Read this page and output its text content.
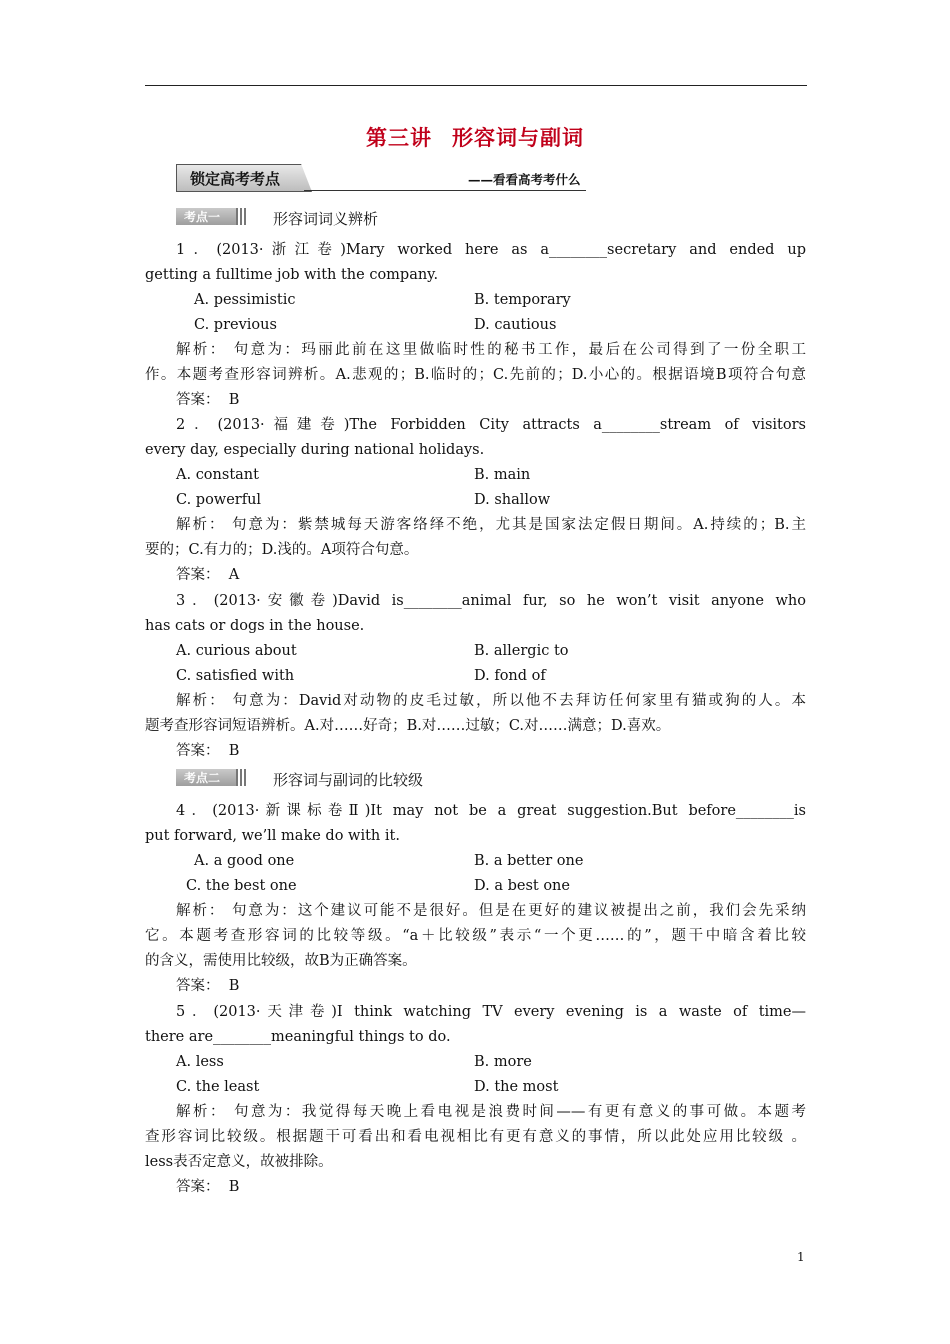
第三讲 形容词与副词
锁定高考考点	——看看高考考什么
考点一	形容词词义辨析
1．(2013·浙江卷)Mary worked here as a________secretary and ended up
getting a fulltime job with the company.
A. pessimistic	B. temporary
C. previous	D. cautious
解析： 句意为：玛丽此前在这里做临时性的秘书工作，最后在公司得到了一份全职工
作。本题考查形容词辨析。A.悲观的；B.临时的；C.先前的；D.小心的。根据语境B项符合句意
答案：  B
2．(2013·福建卷)The Forbidden City attracts a________stream of visitors
every day, especially during national holidays.
A. constant	B. main
C. powerful	D. shallow
解析： 句意为：紫禁城每天游客络绎不绝，尤其是国家法定假日期间。A.持续的；B.主
要的；C.有力的；D.浅的。A项符合句意。
答案：  A
3．(2013·安徽卷)David is________animal fur, so he won’t visit anyone who
has cats or dogs in the house.
A. curious about	B. allergic to
C. satisfied with	D. fond of
解析： 句意为：David对动物的皮毛过敏，所以他不去拜访任何家里有猫或狗的人。本
题考查形容词短语辨析。A.对……好奇；B.对……过敏；C.对……满意；D.喜欢。
答案：  B
考点二	形容词与副词的比较级
4．(2013·新课标卷Ⅱ)It may not be a great suggestion.But before________is
put forward, we’ll make do with it.
A. a good one	B. a better one
C. the best one	D. a best one
解析： 句意为：这个建议可能不是很好。但是在更好的建议被提出之前，我们会先采纳
它。本题考查形容词的比较等级。“a＋比较级”表示“一个更……的”，题干中暗含着比较
的含义，需使用比较级，故B为正确答案。
答案：  B
5．(2013·天津卷)I think watching TV every evening is a waste of time—
there are________meaningful things to do.
A. less	B. more
C. the least	D. the most
解析： 句意为：我觉得每天晚上看电视是浪费时间——有更有意义的事可做。本题考
查形容词比较级。根据题干可看出和看电视相比有更有意义的事情，所以此处应用比较级 。
less表否定意义，故被排除。
答案：  B
1
